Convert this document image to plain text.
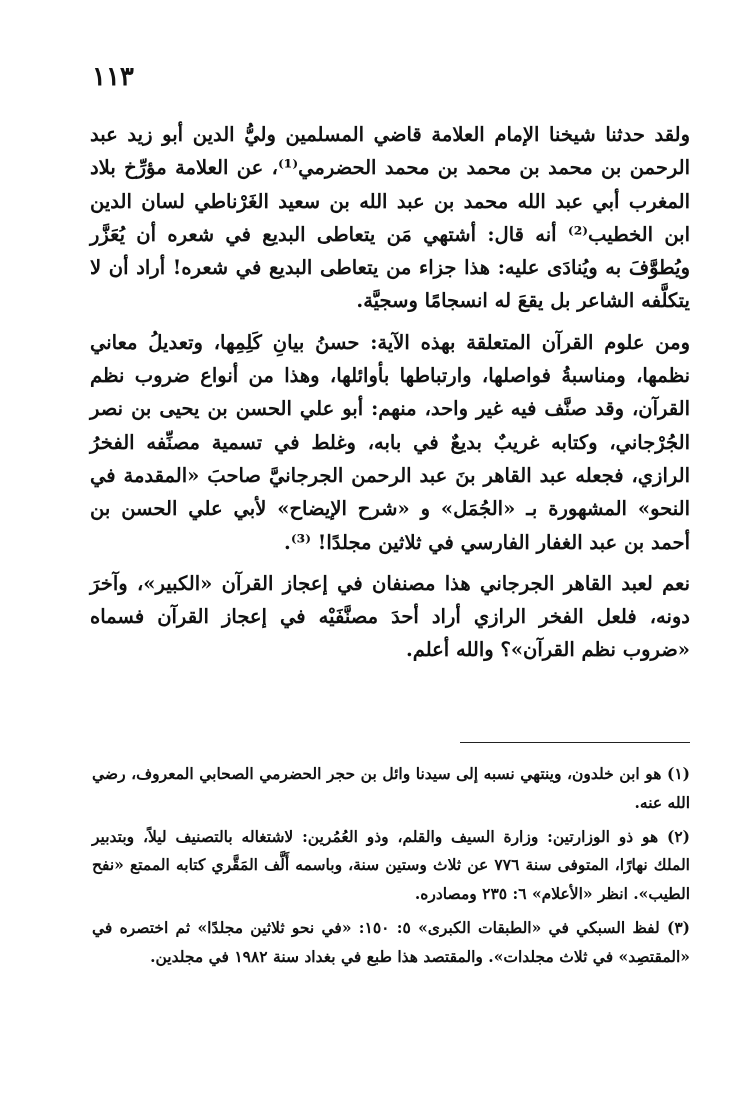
١١٣

ولقد حدثنا شيخنا الإمام العلامة قاضي المسلمين وليُّ الدين أبو زيد عبد الرحمن بن محمد بن محمد بن محمد الحضرمي⁽¹⁾، عن العلامة مؤرِّخ بلاد المغرب أبي عبد الله محمد بن عبد الله بن سعيد الغَرْناطي لسان الدين ابن الخطيب⁽²⁾ أنه قال: أشتهي مَن يتعاطى البديع في شعره أن يُعَزَّر ويُطوَّفَ به ويُنادَى عليه: هذا جزاء من يتعاطى البديع في شعره! أراد أن لا يتكلَّفه الشاعر بل يقعَ له انسجامًا وسجيَّة.

ومن علوم القرآن المتعلقة بهذه الآية: حسنُ بيانِ كَلِمِها، وتعديلُ معاني نظمها، ومناسبةُ فواصلها، وارتباطها بأوائلها، وهذا من أنواع ضروب نظم القرآن، وقد صنَّف فيه غير واحد، منهم: أبو علي الحسن بن يحيى بن نصر الجُرْجاني، وكتابه غريبٌ بديعٌ في بابه، وغلط في تسمية مصنِّفه الفخرُ الرازي، فجعله عبد القاهر بنَ عبد الرحمن الجرجانيَّ صاحبَ «المقدمة في النحو» المشهورة بـ «الجُمَل» و «شرح الإيضاح» لأبي علي الحسن بن أحمد بن عبد الغفار الفارسي في ثلاثين مجلدًا! ⁽³⁾.

نعم لعبد القاهر الجرجاني هذا مصنفان في إعجاز القرآن «الكبير»، وآخرَ دونه، فلعل الفخر الرازي أراد أحدَ مصنَّفَيْه في إعجاز القرآن فسماه «ضروب نظم القرآن»؟ والله أعلم.

(١) هو ابن خلدون، وينتهي نسبه إلى سيدنا وائل بن حجر الحضرمي الصحابي المعروف، رضي الله عنه.

(٢) هو ذو الوزارتين: وزارة السيف والقلم، وذو العُمُرين: لاشتغاله بالتصنيف ليلاً، وبتدبير الملك نهارًا، المتوفى سنة ٧٧٦ عن ثلاث وستين سنة، وباسمه أَلَّف المَقَّري كتابه الممتع «نفح الطيب». انظر «الأعلام» ٦: ٢٣٥ ومصادره.

(٣) لفظ السبكي في «الطبقات الكبرى» ٥: ١٥٠: «في نحو ثلاثين مجلدًا» ثم اختصره في «المقتصِد» في ثلاث مجلدات». والمقتصد هذا طبع في بغداد سنة ١٩٨٢ في مجلدين.
